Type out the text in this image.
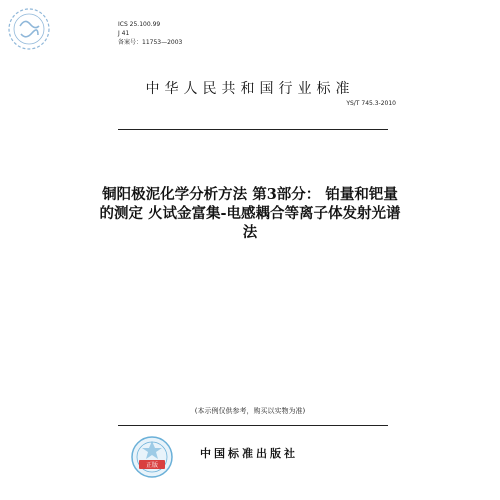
ICS 25.100.99
J 41
备案号：11753—2003
中华人民共和国行业标准
YS/T 745.3-2010
铜阳极泥化学分析方法 第3部分： 铂量和钯量
的测定 火试金富集-电感耦合等离子体发射光谱
法
(本示例仅供参考，购买以实物为准)
正版
中国标准出版社
